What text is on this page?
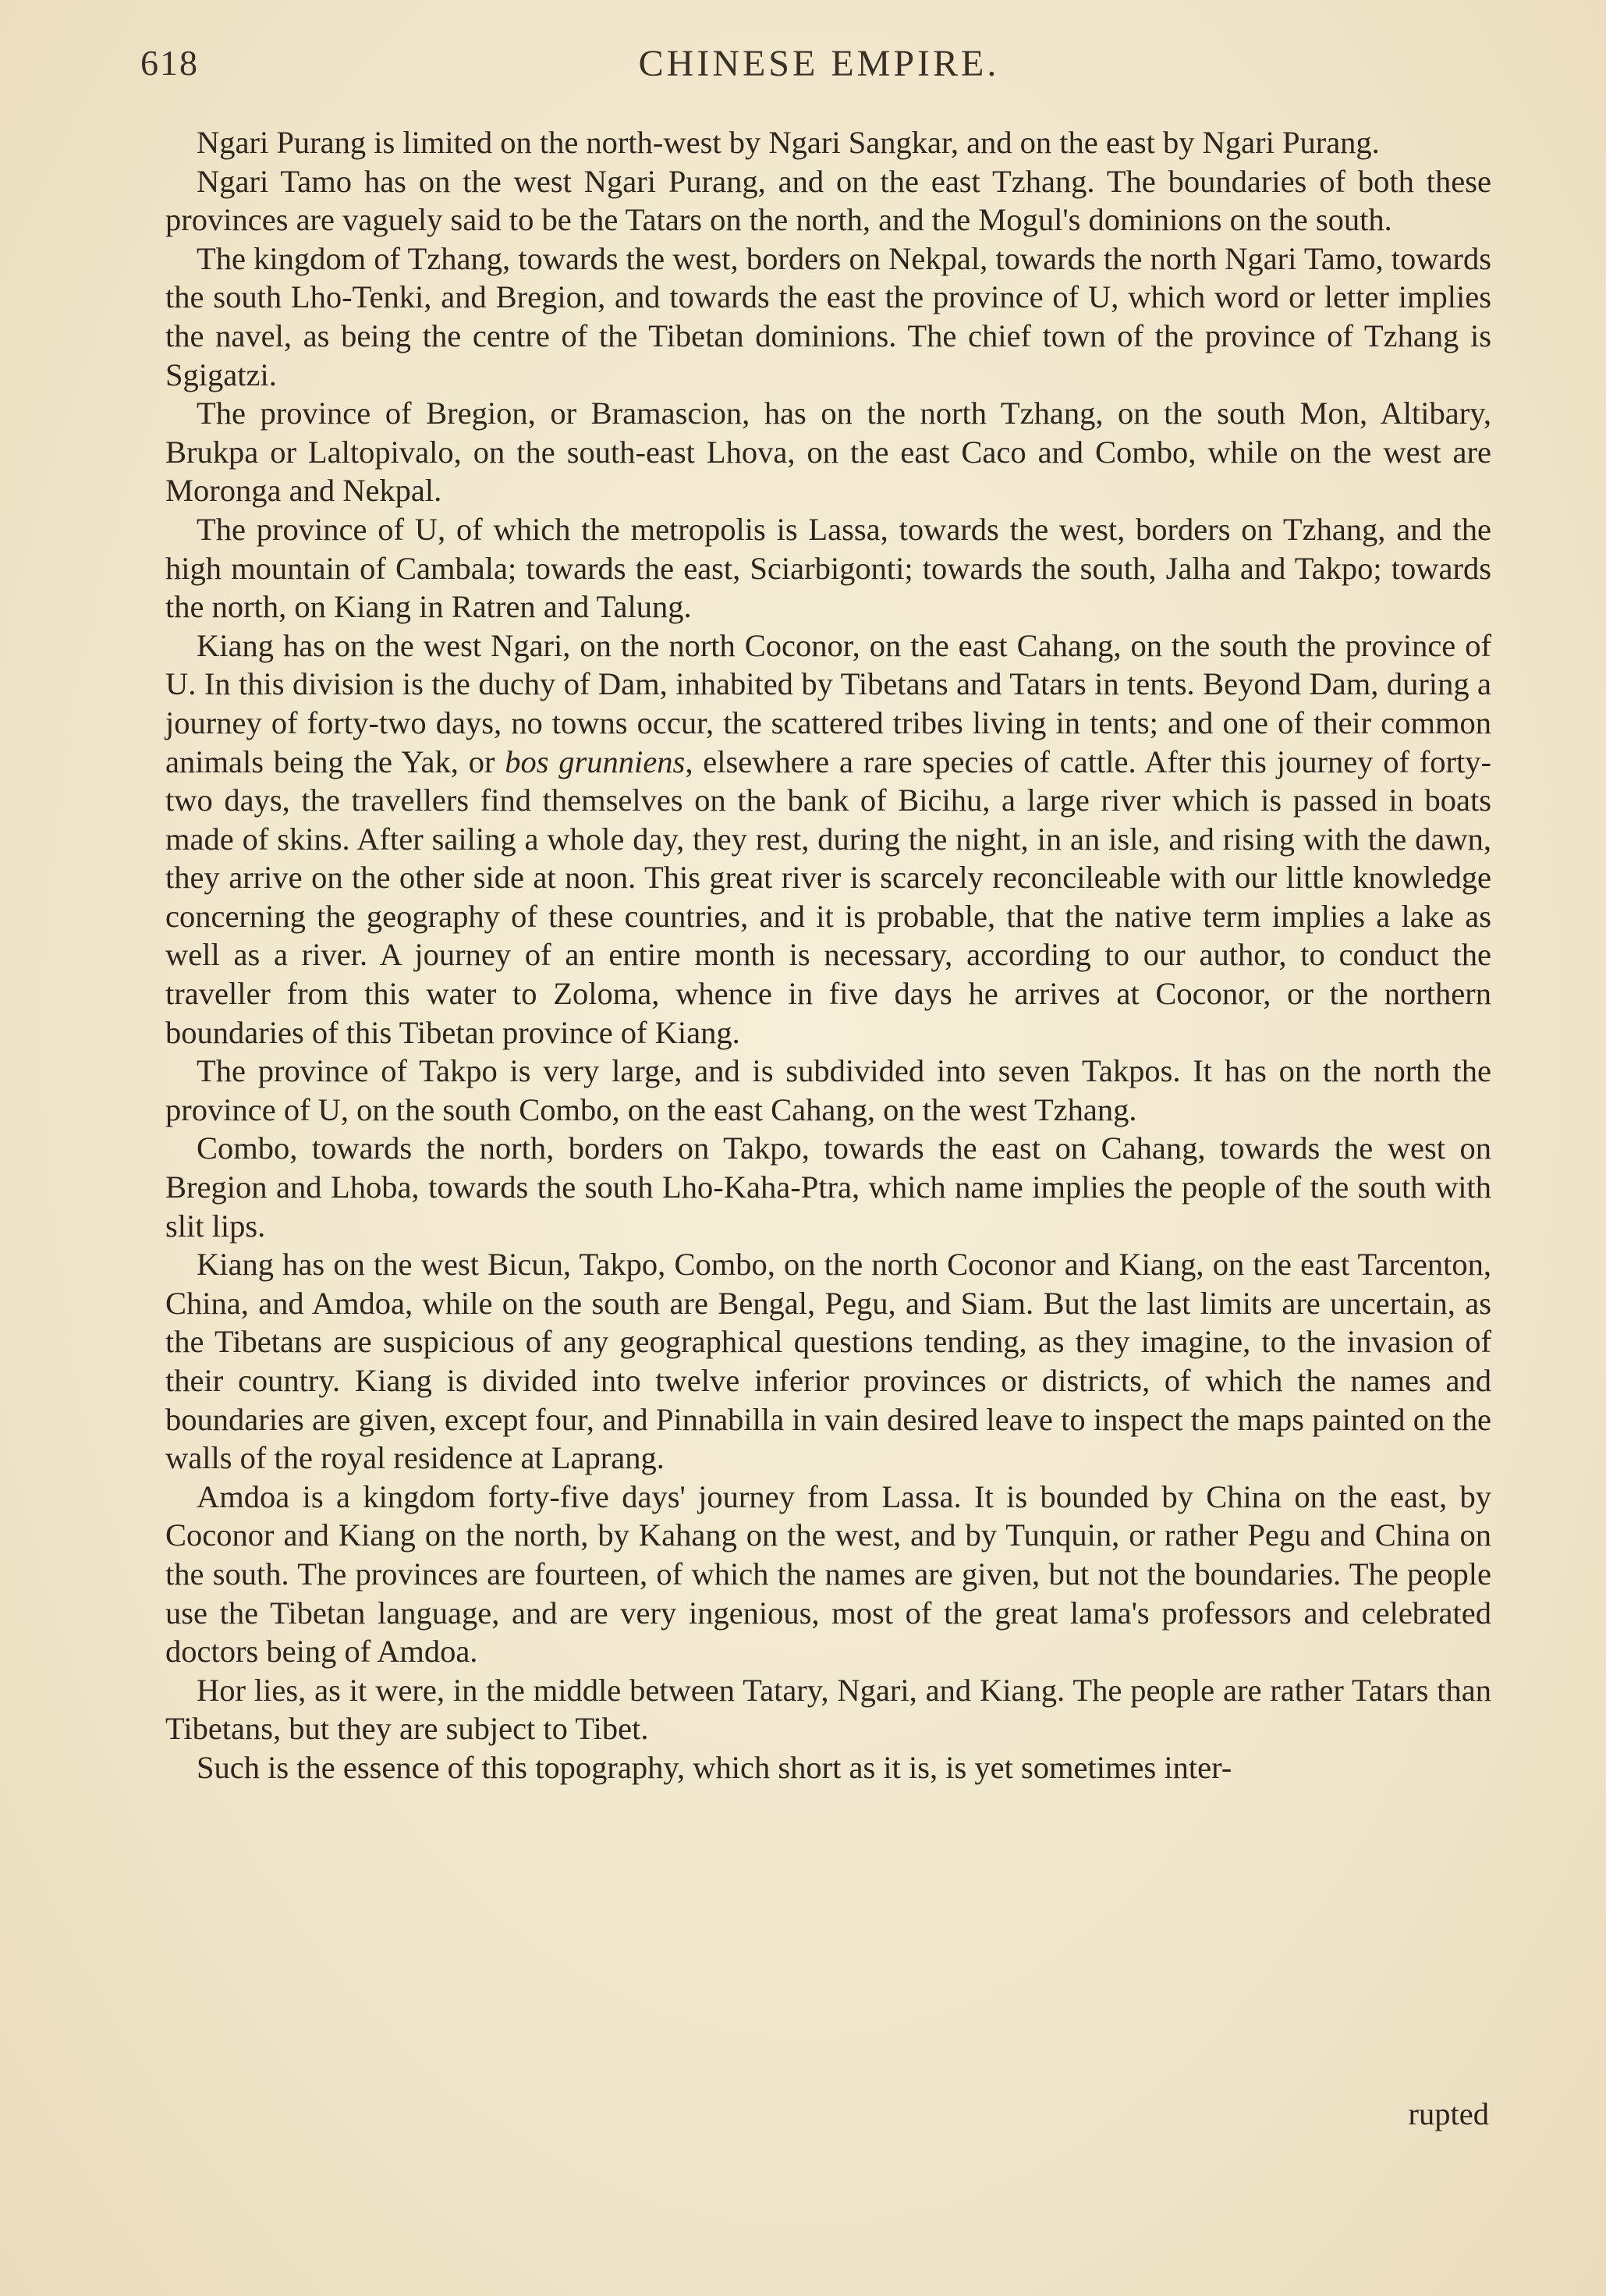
618	CHINESE EMPIRE.

Ngari Purang is limited on the north-west by Ngari Sangkar, and on the east by Ngari Purang.

Ngari Tamo has on the west Ngari Purang, and on the east Tzhang. The boundaries of both these provinces are vaguely said to be the Tatars on the north, and the Mogul's dominions on the south.

The kingdom of Tzhang, towards the west, borders on Nekpal, towards the north Ngari Tamo, towards the south Lho-Tenki, and Bregion, and towards the east the province of U, which word or letter implies the navel, as being the centre of the Tibetan dominions. The chief town of the province of Tzhang is Sgigatzi.

The province of Bregion, or Bramascion, has on the north Tzhang, on the south Mon, Altibary, Brukpa or Laltopivalo, on the south-east Lhova, on the east Caco and Combo, while on the west are Moronga and Nekpal.

The province of U, of which the metropolis is Lassa, towards the west, borders on Tzhang, and the high mountain of Cambala; towards the east, Sciarbigonti; towards the south, Jalha and Takpo; towards the north, on Kiang in Ratren and Talung.

Kiang has on the west Ngari, on the north Coconor, on the east Cahang, on the south the province of U. In this division is the duchy of Dam, inhabited by Tibetans and Tatars in tents. Beyond Dam, during a journey of forty-two days, no towns occur, the scattered tribes living in tents; and one of their common animals being the Yak, or bos grunniens, elsewhere a rare species of cattle. After this journey of forty-two days, the travellers find themselves on the bank of Bicihu, a large river which is passed in boats made of skins. After sailing a whole day, they rest, during the night, in an isle, and rising with the dawn, they arrive on the other side at noon. This great river is scarcely reconcileable with our little knowledge concerning the geography of these countries, and it is probable, that the native term implies a lake as well as a river. A journey of an entire month is necessary, according to our author, to conduct the traveller from this water to Zoloma, whence in five days he arrives at Coconor, or the northern boundaries of this Tibetan province of Kiang.

The province of Takpo is very large, and is subdivided into seven Takpos. It has on the north the province of U, on the south Combo, on the east Cahang, on the west Tzhang.

Combo, towards the north, borders on Takpo, towards the east on Cahang, towards the west on Bregion and Lhoba, towards the south Lho-Kaha-Ptra, which name implies the people of the south with slit lips.

Kiang has on the west Bicun, Takpo, Combo, on the north Coconor and Kiang, on the east Tarcenton, China, and Amdoa, while on the south are Bengal, Pegu, and Siam. But the last limits are uncertain, as the Tibetans are suspicious of any geographical questions tending, as they imagine, to the invasion of their country. Kiang is divided into twelve inferior provinces or districts, of which the names and boundaries are given, except four, and Pinnabilla in vain desired leave to inspect the maps painted on the walls of the royal residence at Laprang.

Amdoa is a kingdom forty-five days' journey from Lassa. It is bounded by China on the east, by Coconor and Kiang on the north, by Kahang on the west, and by Tunquin, or rather Pegu and China on the south. The provinces are fourteen, of which the names are given, but not the boundaries. The people use the Tibetan language, and are very ingenious, most of the great lama's professors and celebrated doctors being of Amdoa.

Hor lies, as it were, in the middle between Tatary, Ngari, and Kiang. The people are rather Tatars than Tibetans, but they are subject to Tibet.

Such is the essence of this topography, which short as it is, is yet sometimes inter-

rupted
